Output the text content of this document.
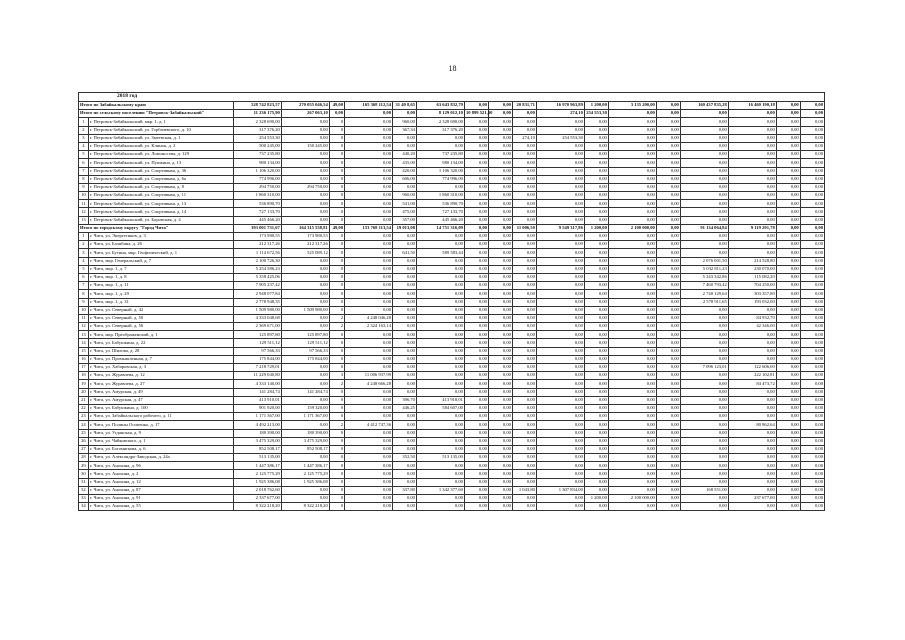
18
2018 год																		
Итого по Забайкальскому краю		528 742 823,57	270 055 046,54	49,00	165 368 112,54	31 40 8,65	63 643 832,79	0,00	0,00	20 831,71	16 970 963,89	1 200,00	3 135 200,00	0,00	160 437 835,28	16 460 190,18	0,00	0,00
Итого по сельскому поселению "Петровск-Забайкальский"		11 236 175,90	267 063,10	0,00	0,00	0,00	8 129 012,10	10 899 521,30	0,00	0,00	274,10	254 553,30	0,00	0,00	0,00	0,00	0,00	0,00
1	г. Петровск-Забайкальский, мкр. 1, д. 1	2 328 690,00	0,00	0	0,00	960,00	2 328 690,00	0,00	0,00	0,00	0,00	0,00	0,00	0,00	0,00	0,00	0,00	0,00
2	г. Петровск-Забайкальский, ул. Горбачевского, д. 10	317 376,20	0,00	0	0,00	367,34	317 376,20	0,00	0,00	0,00	0,00	0,00	0,00	0,00	0,00	0,00	0,00	0,00
3	г. Петровск-Забайкальский, ул. Змеевская, д. 1	254 553,30	0,00	0	0,00	0,00	0,00	0,00	0,00	274,10	254 553,30	0,00	0,00	0,00	0,00	0,00	0,00	0,00
4	г. Петровск-Забайкальский, ул. Клинок, д. 2	500 245,00	150 245,00	0	0,00	0,00	0,00	0,00	0,00	0,00	0,00	0,00	0,00	0,00	0,00	0,00	0,00	0,00
5	г. Петровск-Забайкальский, ул. Ломоносова, д. 129	737 235,80	0,00	0	0,00	440,20	737 235,80	0,00	0,00	0,00	0,00	0,00	0,00	0,00	0,00	0,00	0,00	0,00
6	г. Петровск-Забайкальский, ул. Пушкина, д. 13	980 134,00	0,00	0	0,00	435,00	980 134,00	0,00	0,00	0,00	0,00	0,00	0,00	0,00	0,00	0,00	0,00	0,00
7	г. Петровск-Забайкальский, ул. Спортивная, д. 36	1 106 320,00	0,00	0	0,00	420,00	1 106 320,00	0,00	0,00	0,00	0,00	0,00	0,00	0,00	0,00	0,00	0,00	0,00
8	г. Петровск-Забайкальский, ул. Спортивная, д. 6а	774 996,00	0,00	0	0,00	606,00	774 996,00	0,00	0,00	0,00	0,00	0,00	0,00	0,00	0,00	0,00	0,00	0,00
9	г. Петровск-Забайкальский, ул. Спортивная, д. 8	294 750,00	294 750,00	0	0,00	0,00	0,00	0,00	0,00	0,00	0,00	0,00	0,00	0,00	0,00	0,00	0,00	0,00
10	г. Петровск-Забайкальский, ул. Спортивная, д. 11	1 860 310,00	0,00	0	0,00	960,00	1 860 310,00	0,00	0,00	0,00	0,00	0,00	0,00	0,00	0,00	0,00	0,00	0,00
11	г. Петровск-Забайкальский, ул. Спортивная, д. 13	536 890,70	0,00	0	0,00	541,00	536 890,70	0,00	0,00	0,00	0,00	0,00	0,00	0,00	0,00	0,00	0,00	0,00
12	г. Петровск-Забайкальский, ул. Спортивная, д. 14	727 133,70	0,00	0	0,00	475,00	727 133,70	0,00	0,00	0,00	0,00	0,00	0,00	0,00	0,00	0,00	0,00	0,00
13	г. Петровск-Забайкальский, ул. Боровская, д. 4	445 466,20	0,00	0	0,00	357,00	445 466,20	0,00	0,00	0,00	0,00	0,00	0,00	0,00	0,00	0,00	0,00	0,00
Итого по городскому округу "Город Чита"		393 001 731,67	164 315 538,81	49,00	153 768 113,54	19 013,08	14 751 316,09	0,00	0,00	11 006,50	9 549 317,86	1 200,00	2 100 000,00	0,00	91 134 064,84	9 119 291,78	0,00	0,00
1	г. Чита, ул. Энергетиков, д. 3	173 980,55	173 980,55	0	0,00	0,00	0,00	0,00	0,00	0,00	0,00	0,00	0,00	0,00	0,00	0,00	0,00	0,00
2	г. Чита, ул. Балябина, д. 26	212 317,26	212 317,26	0	0,00	0,00	0,00	0,00	0,00	0,00	0,00	0,00	0,00	0,00	0,00	0,00	0,00	0,00
3	г. Чита, ул. Бутина, мкр. Геофизический, д. 1	1 114 672,56	525 089,12	0	0,00	641,50	589 583,44	0,00	0,00	0,00	0,00	0,00	0,00	0,00	0,00	0,00	0,00	0,00
4	г. Чита, мкр. Генеральский, д. 7	2 100 726,30	0,00	0	0,00	0,00	0,00	0,00	0,00	0,00	0,00	0,00	0,00	0,00	2 076 001,50	214 528,80	0,00	0,00
5	г. Чита, мкр. 1, д. 7	5 254 586,23	0,00	0	0,00	0,00	0,00	0,00	0,00	0,00	0,00	0,00	0,00	0,00	5 032 811,23	230 070,00	0,00	0,00
6	г. Чита, мкр. 1, д. 8	5 358 425,06	0,00	0	0,00	0,00	0,00	0,00	0,00	0,00	0,00	0,00	0,00	0,00	5 243 342,86	115 082,20	0,00	0,00
7	г. Чита, мкр. 1, д. 11	7 905 237,42	0,00	0	0,00	0,00	0,00	0,00	0,00	0,00	0,00	0,00	0,00	0,00	7 460 793,42	704 250,00	0,00	0,00
8	г. Чита, мкр. 1, д. 29	2 948 077,84	0,00	0	0,00	0,00	0,00	0,00	0,00	0,00	0,00	0,00	0,00	0,00	2 740 129,64	303 357,80	0,00	0,00
9	г. Чита, мкр. 1, д. 31	2 778 948,35	0,00	0	0,00	0,00	0,00	0,00	0,00	0,00	0,00	0,00	0,00	0,00	2 578 911,65	193 032,00	0,00	0,00
10	г. Чита, ул. Северный, д. 42	1 509 980,00	1 509 980,00	0	0,00	0,00	0,00	0,00	0,00	0,00	0,00	0,00	0,00	0,00	0,00	0,00	0,00	0,00
11	г. Чита, ул. Северный, д. 50	4 333 048,68	0,00	2	4 248 046,28	0,00	0,00	0,00	0,00	0,00	0,00	0,00	0,00	0,00	0,00	84 932,70	0,00	0,00
12	г. Чита, ул. Северный, д. 56	2 369 671,00	0,00	2	2 324 163,14	0,00	0,00	0,00	0,00	0,00	0,00	0,00	0,00	0,00	0,00	42 346,00	0,00	0,00
13	г. Чита, мкр. Преображенский, д. 1	125 897,80	125 897,80	0	0,00	0,00	0,00	0,00	0,00	0,00	0,00	0,00	0,00	0,00	0,00	0,00	0,00	0,00
14	г. Чита, ул. Бабушкина, д. 22	129 511,12	129 511,12	0	0,00	0,00	0,00	0,00	0,00	0,00	0,00	0,00	0,00	0,00	0,00	0,00	0,00	0,00
15	г. Чита, ул. Шилова, д. 28	97 566,33	97 566,33	0	0,00	0,00	0,00	0,00	0,00	0,00	0,00	0,00	0,00	0,00	0,00	0,00	0,00	0,00
16	г. Чита, ул. Промышленная, д. 7	175 844,00	175 844,00	0	0,00	0,00	0,00	0,00	0,00	0,00	0,00	0,00	0,00	0,00	0,00	0,00	0,00	0,00
17	г. Чита, ул. Хабаровская, д. 3	7 218 729,01	0,00	0	0,00	0,00	0,00	0,00	0,00	0,00	0,00	0,00	0,00	0,00	7 096 123,01	122 606,00	0,00	0,00
18	г. Чита, ул. Журавлева, д. 12	11 229 040,80	0,00	3	11 006 937,99	0,00	0,00	0,00	0,00	0,00	0,00	0,00	0,00	0,00	0,00	222 102,81	0,00	0,00
19	г. Чита, ул. Журавлева, д. 27	4 333 140,00	0,00	2	4 248 666,28	0,00	0,00	0,00	0,00	0,00	0,00	0,00	0,00	0,00	0,00	84 473,72	0,00	0,00
20	г. Чита, ул. Амурская, д. 49	141 284,74	141 284,74	0	0,00	0,00	0,00	0,00	0,00	0,00	0,00	0,00	0,00	0,00	0,00	0,00	0,00	0,00
21	г. Чита, ул. Амурская, д. 47	413 910,01	0,00	0	0,00	396,70	413 910,01	0,00	0,00	0,00	0,00	0,00	0,00	0,00	0,00	0,00	0,00	0,00
22	г. Чита, ул. Бабушкина, д. 100	901 920,00	159 320,00	0	0,00	446,25	584 607,00	0,00	0,00	0,00	0,00	0,00	0,00	0,00	0,00	0,00	0,00	0,00
23	г. Чита, ул. Забайкальского рабочего, д. 11	1 171 367,00	1 171 367,00	0	0,00	0,00	0,00	0,00	0,00	0,00	0,00	0,00	0,00	0,00	0,00	0,00	0,00	0,00
24	г. Чита, ул. Полины Осипенко, д. 17	4 492 213,00	0,00	2	4 412 747,36	0,00	0,00	0,00	0,00	0,00	0,00	0,00	0,00	0,00	0,00	80 862,64	0,00	0,00
25	г. Чита, ул. Угданская, д. 9	180 390,00	180 390,00	0	0,00	0,00	0,00	0,00	0,00	0,00	0,00	0,00	0,00	0,00	0,00	0,00	0,00	0,00
26	г. Чита, ул. Чайковского, д. 1	3 475 329,00	3 475 329,00	0	0,00	0,00	0,00	0,00	0,00	0,00	0,00	0,00	0,00	0,00	0,00	0,00	0,00	0,00
27	г. Чита, ул. Богомягкова, д. 6	852 508,17	852 508,17	0	0,00	0,00	0,00	0,00	0,00	0,00	0,00	0,00	0,00	0,00	0,00	0,00	0,00	0,00
28	г. Чита, ул. Александро-Заводская, д. 24а	513 135,00	0,00	0	0,00	352,50	513 135,00	0,00	0,00	0,00	0,00	0,00	0,00	0,00	0,00	0,00	0,00	0,00
29	г. Чита, ул. Анохина, д. 96	1 447 386,17	1 447 386,17	0	0,00	0,00	0,00	0,00	0,00	0,00	0,00	0,00	0,00	0,00	0,00	0,00	0,00	0,00
30	г. Чита, ул. Анохина, д. 2	2 125 775,29	2 125 775,29	0	0,00	0,00	0,00	0,00	0,00	0,00	0,00	0,00	0,00	0,00	0,00	0,00	0,00	0,00
31	г. Чита, ул. Анохина, д. 12	1 925 386,08	1 925 386,08	0	0,00	0,00	0,00	0,00	0,00	0,00	0,00	0,00	0,00	0,00	0,00	0,00	0,00	0,00
32	г. Чита, ул. Анохина, д. 87	2 018 762,60	0,00	0	0,00	337,80	1 342 377,60	0,00	0,00	1 043,80	1 307 834,00	0,00	0,00	0,00	168 551,00	0,00	0,00	0,00
33	г. Чита, ул. Анохина, д. 91	2 337 677,00	0,00	0	0,00	0,00	0,00	0,00	0,00	0,00	0,00	1 200,00	2 100 000,00	0,00	0,00	237 677,00	0,00	0,00
34	г. Чита, ул. Анохина, д. 55	8 322 218,20	8 322 218,20	0	0,00	0,00	0,00	0,00	0,00	0,00	0,00	0,00	0,00	0,00	0,00	0,00	0,00	0,00
